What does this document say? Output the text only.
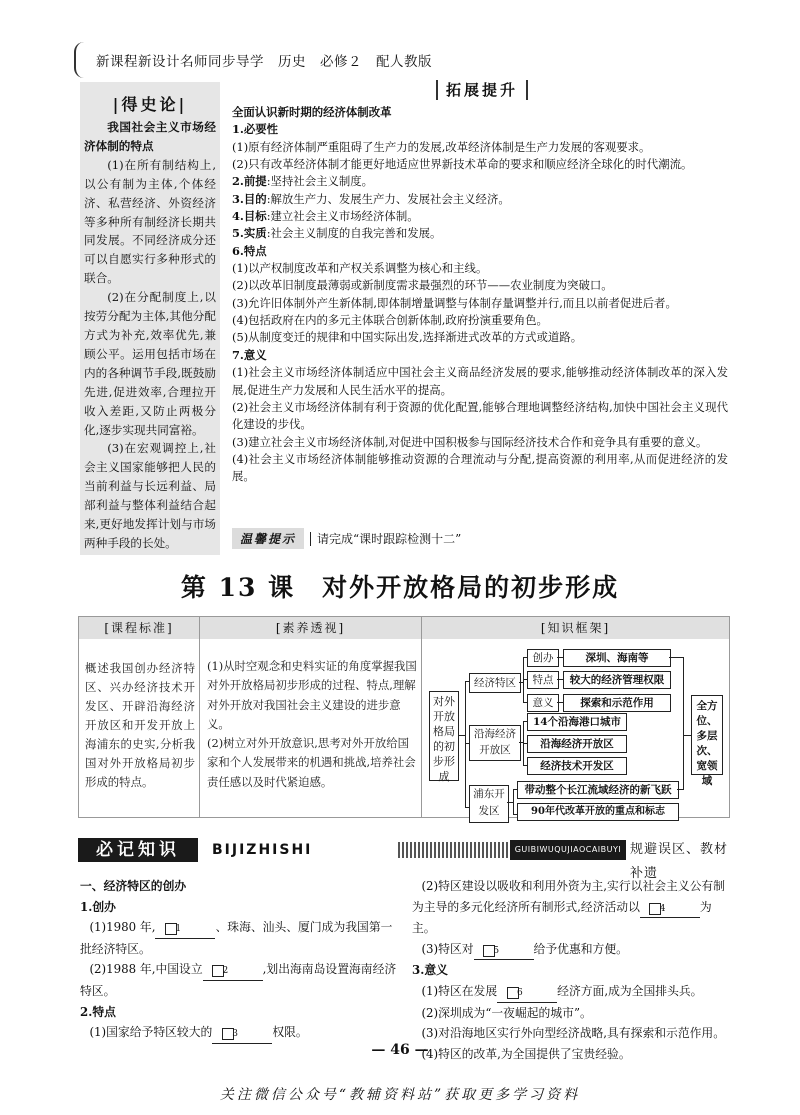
新课程新设计名师同步导学　历史　必修２　配人教版
|得史论|

我国社会主义市场经济体制的特点

(1)在所有制结构上,以公有制为主体,个体经济、私营经济、外资经济等多种所有制经济长期共同发展。不同经济成分还可以自愿实行多种形式的联合。

(2)在分配制度上,以按劳分配为主体,其他分配方式为补充,效率优先,兼顾公平。运用包括市场在内的各种调节手段,既鼓励先进,促进效率,合理拉开收入差距,又防止两极分化,逐步实现共同富裕。

(3)在宏观调控上,社会主义国家能够把人民的当前利益与长远利益、局部利益与整体利益结合起来,更好地发挥计划与市场两种手段的长处。

拓展提升

全面认识新时期的经济体制改革

1.必要性

(1)原有经济体制严重阻碍了生产力的发展,改革经济体制是生产力发展的客观要求。

(2)只有改革经济体制才能更好地适应世界新技术革命的要求和顺应经济全球化的时代潮流。

2.前提:坚持社会主义制度。

3.目的:解放生产力、发展生产力、发展社会主义经济。

4.目标:建立社会主义市场经济体制。

5.实质:社会主义制度的自我完善和发展。

6.特点

(1)以产权制度改革和产权关系调整为核心和主线。

(2)以改革旧制度最薄弱或新制度需求最强烈的环节——农业制度为突破口。

(3)允许旧体制外产生新体制,即体制增量调整与体制存量调整并行,而且以前者促进后者。

(4)包括政府在内的多元主体联合创新体制,政府扮演重要角色。

(5)从制度变迁的规律和中国实际出发,选择渐进式改革的方式或道路。

7.意义

(1)社会主义市场经济体制适应中国社会主义商品经济发展的要求,能够推动经济体制改革的深入发展,促进生产力发展和人民生活水平的提高。

(2)社会主义市场经济体制有利于资源的优化配置,能够合理地调整经济结构,加快中国社会主义现代化建设的步伐。

(3)建立社会主义市场经济体制,对促进中国积极参与国际经济技术合作和竞争具有重要的意义。

(4)社会主义市场经济体制能够推动资源的合理流动与分配,提高资源的利用率,从而促进经济的发展。

温馨提示	请完成“课时跟踪检测十二”
第 13 课　对外开放格局的初步形成
[课程标准]	[素养透视]	[知识框架]
概述我国创办经济特区、兴办经济技术开发区、开辟沿海经济开放区和开发开放上海浦东的史实,分析我国对外开放格局初步形成的特点。

(1)从时空观念和史料实证的角度掌握我国对外开放格局初步形成的过程、特点,理解对外开放对我国社会主义建设的进步意义。

(2)树立对外开放意识,思考对外开放给国家和个人发展带来的机遇和挑战,培养社会责任感以及时代紧迫感。

对外开放格局的初步形成
经济特区
沿海经济开放区
浦东开发区
创办
特点
意义
深圳、海南等
较大的经济管理权限
探索和示范作用
14个沿海港口城市
沿海经济开放区
经济技术开发区
带动整个长江流域经济的新飞跃
90年代改革开放的重点和标志
全方位、多层次、宽领域
必记知识	BIJIZHISHI	GUIBIWUQUJIAOCAIBUYI 规避误区、教材补遗

一、经济特区的创办

1.创办

(1)1980 年, 1	、珠海、汕头、厦门成为我国第一批经济特区。

(2)1988 年,中国设立 2	,划出海南岛设置海南经济特区。

2.特点

(1)国家给予特区较大的 3	权限。

(2)特区建设以吸收和利用外资为主,实行以社会主义公有制为主导的多元化经济所有制形式,经济活动以 4	为主。

(3)特区对 5	给予优惠和方便。

3.意义

(1)特区在发展 6	经济方面,成为全国排头兵。

(2)深圳成为“一夜崛起的城市”。

(3)对沿海地区实行外向型经济战略,具有探索和示范作用。

(4)特区的改革,为全国提供了宝贵经验。

— 46 —
关注微信公众号“教辅资料站”获取更多学习资料
